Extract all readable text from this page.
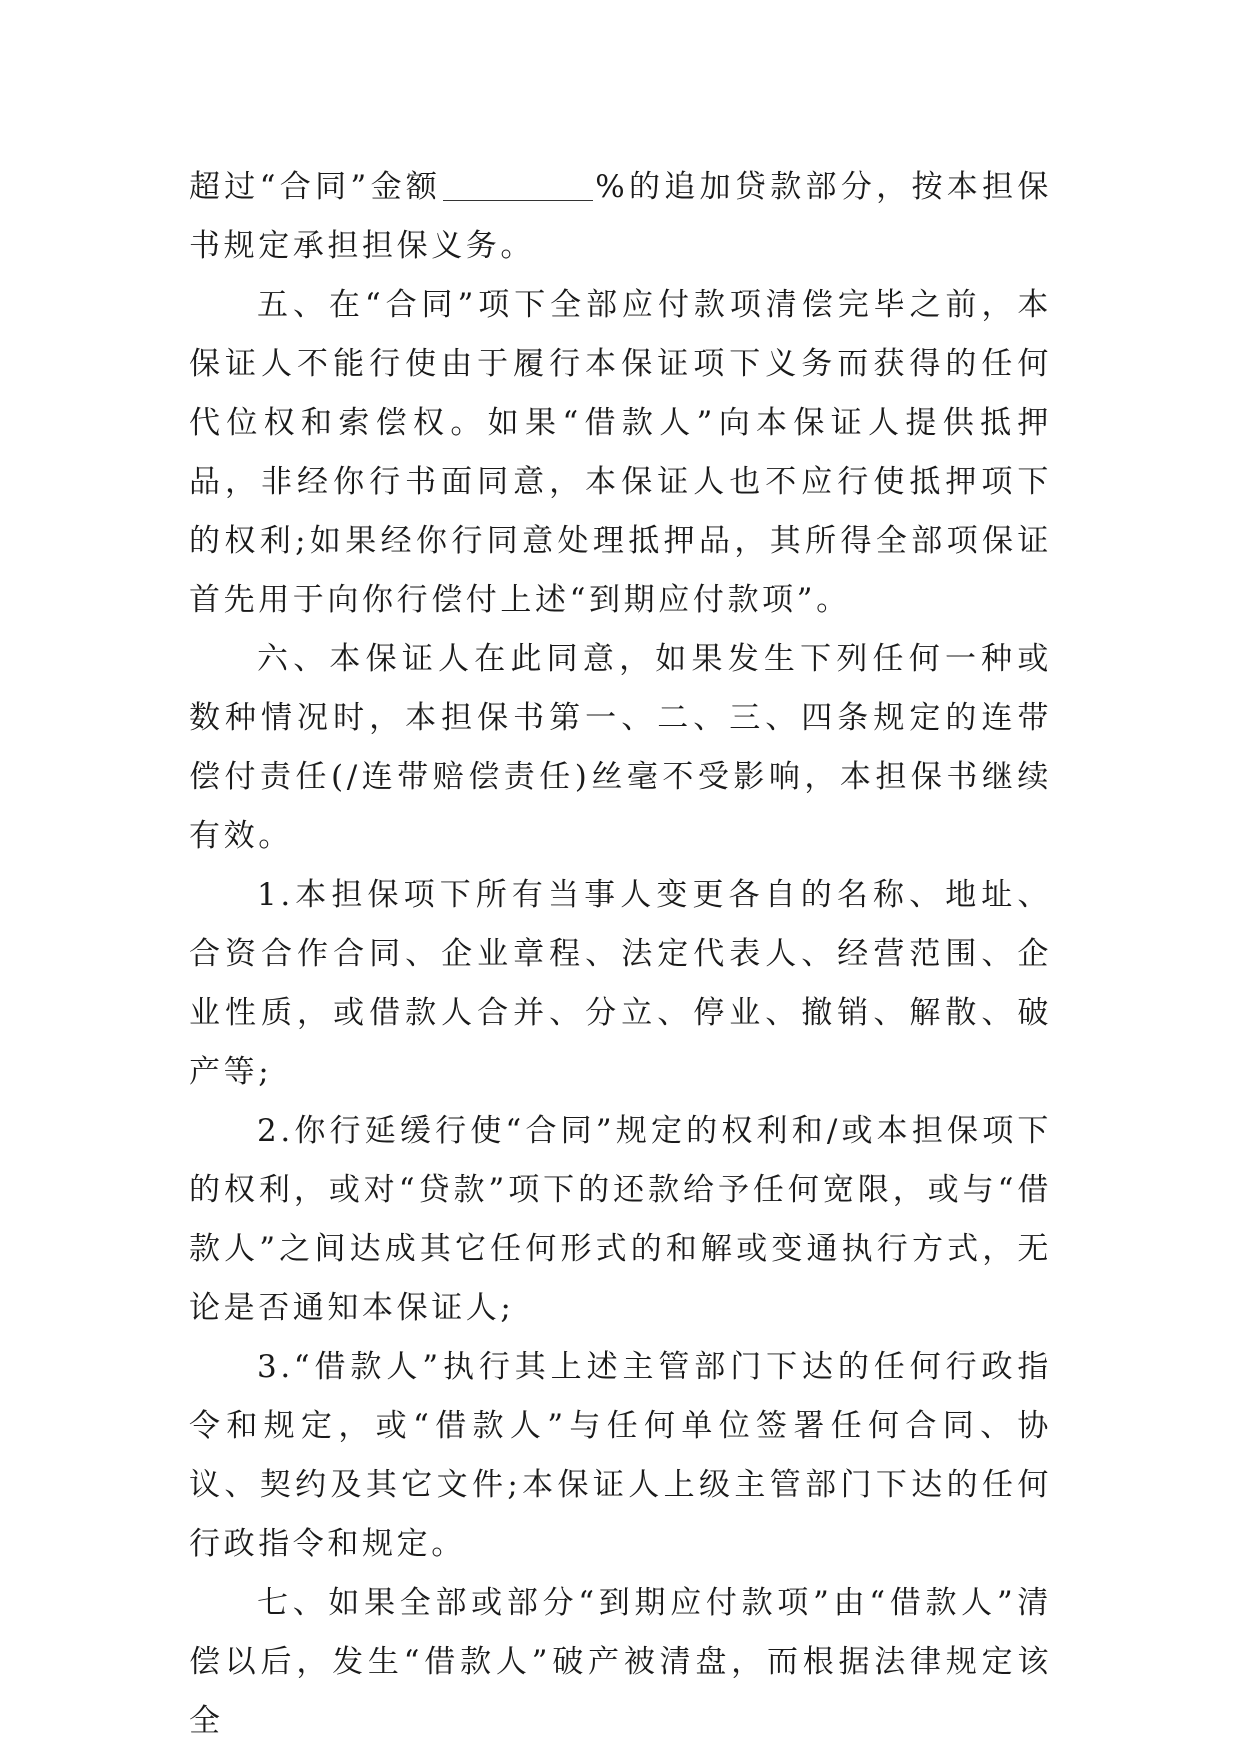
超过“合同”金额	%的追加贷款部分，按本担保书规定承担担保义务。

五、在“合同”项下全部应付款项清偿完毕之前，本保证人不能行使由于履行本保证项下义务而获得的任何代位权和索偿权。如果“借款人”向本保证人提供抵押品，非经你行书面同意，本保证人也不应行使抵押项下的权利;如果经你行同意处理抵押品，其所得全部项保证首先用于向你行偿付上述“到期应付款项”。

六、本保证人在此同意，如果发生下列任何一种或数种情况时，本担保书第一、二、三、四条规定的连带偿付责任(/连带赔偿责任)丝毫不受影响，本担保书继续有效。

1.本担保项下所有当事人变更各自的名称、地址、合资合作合同、企业章程、法定代表人、经营范围、企业性质，或借款人合并、分立、停业、撤销、解散、破产等;

2.你行延缓行使“合同”规定的权利和/或本担保项下的权利，或对“贷款”项下的还款给予任何宽限，或与“借款人”之间达成其它任何形式的和解或变通执行方式，无论是否通知本保证人;

3.“借款人”执行其上述主管部门下达的任何行政指令和规定，或“借款人”与任何单位签署任何合同、协议、契约及其它文件;本保证人上级主管部门下达的任何行政指令和规定。

七、如果全部或部分“到期应付款项”由“借款人”清偿以后，发生“借款人”破产被清盘，而根据法律规定该全
